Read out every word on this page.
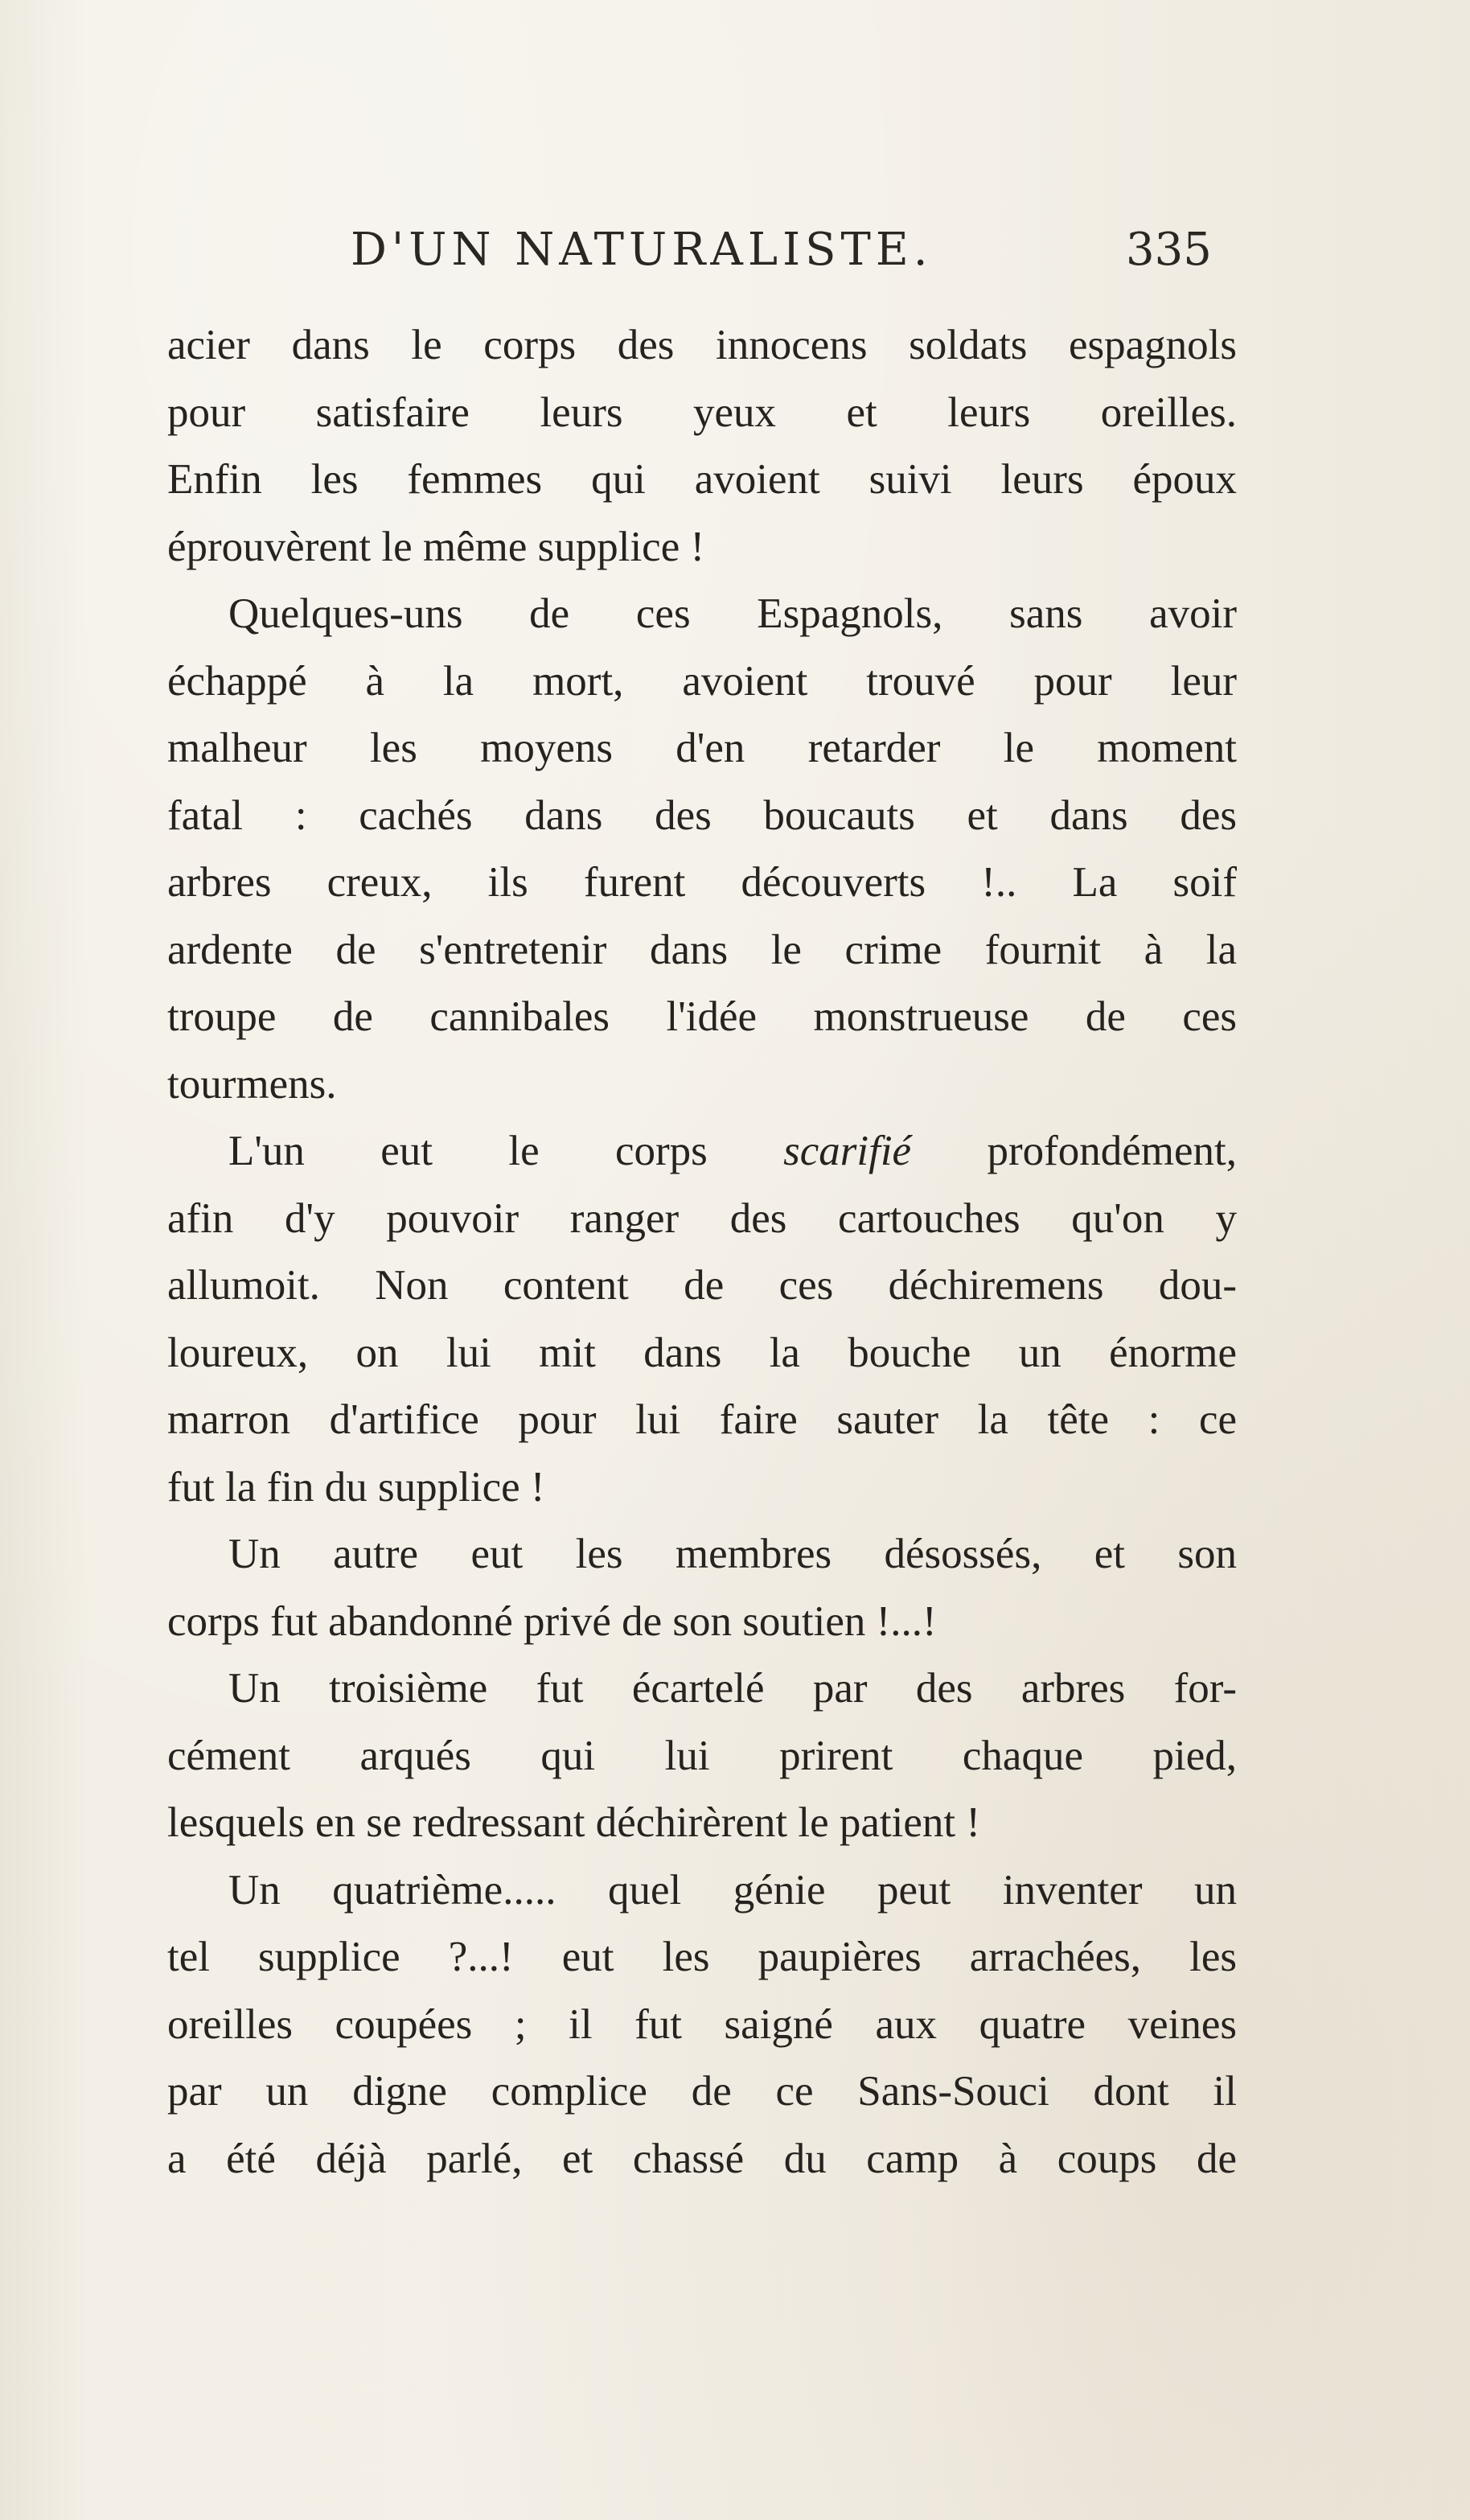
D'UN NATURALISTE.	335
acier dans le corps des innocens soldats espagnols
pour satisfaire leurs yeux et leurs oreilles.
Enfin les femmes qui avoient suivi leurs époux
éprouvèrent le même supplice !
Quelques-uns de ces Espagnols, sans avoir
échappé à la mort, avoient trouvé pour leur
malheur les moyens d'en retarder le moment
fatal : cachés dans des boucauts et dans des
arbres creux, ils furent découverts !.. La soif
ardente de s'entretenir dans le crime fournit à la
troupe de cannibales l'idée monstrueuse de ces
tourmens.
L'un eut le corps scarifié profondément,
afin d'y pouvoir ranger des cartouches qu'on y
allumoit. Non content de ces déchiremens dou-
loureux, on lui mit dans la bouche un énorme
marron d'artifice pour lui faire sauter la tête : ce
fut la fin du supplice !
Un autre eut les membres désossés, et son
corps fut abandonné privé de son soutien !...!
Un troisième fut écartelé par des arbres for-
cément arqués qui lui prirent chaque pied,
lesquels en se redressant déchirèrent le patient !
Un quatrième..... quel génie peut inventer un
tel supplice ?...! eut les paupières arrachées, les
oreilles coupées ; il fut saigné aux quatre veines
par un digne complice de ce Sans-Souci dont il
a été déjà parlé, et chassé du camp à coups de
